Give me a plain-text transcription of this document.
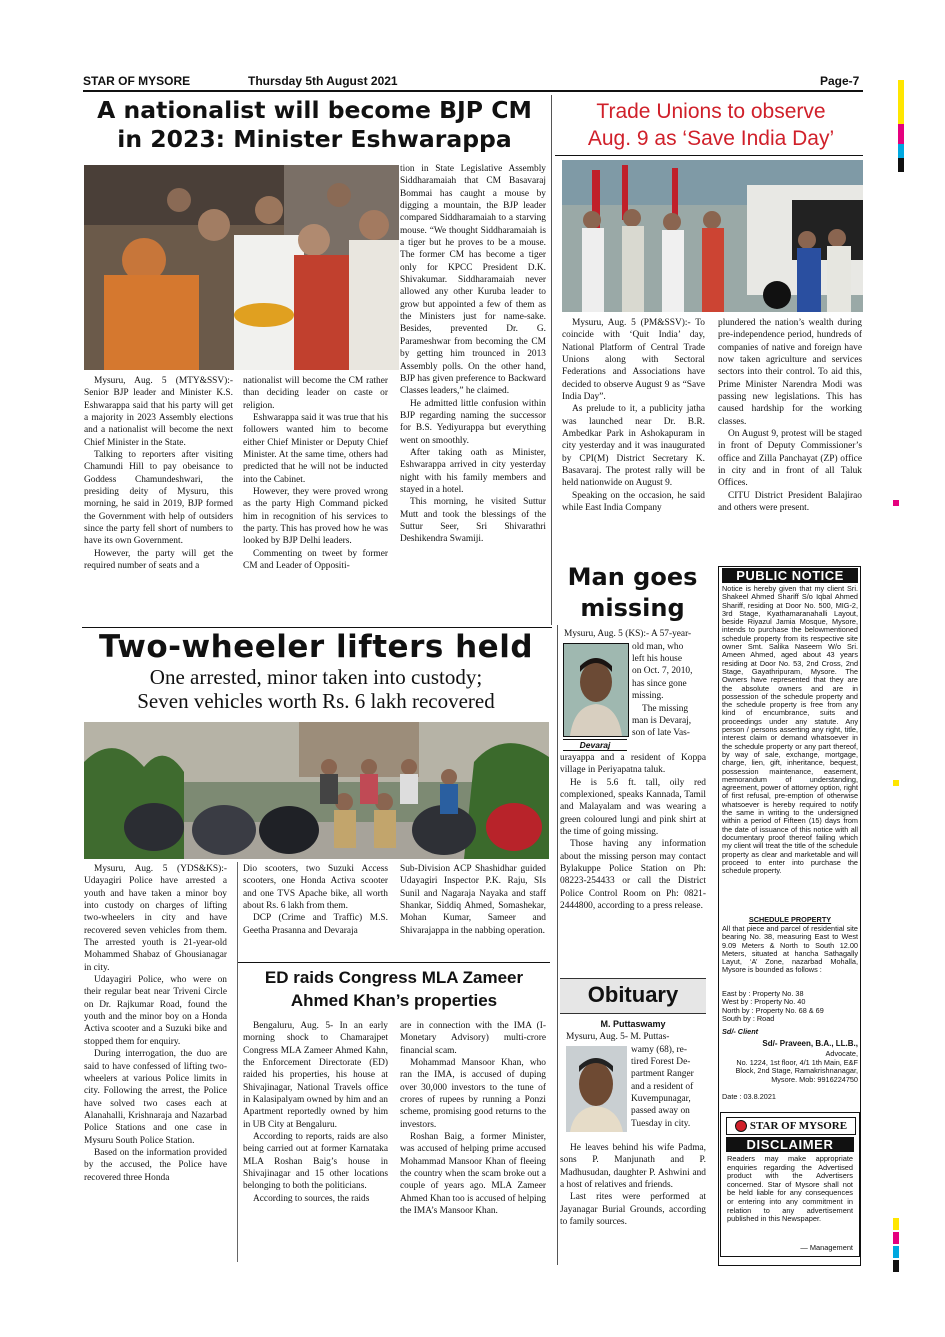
STAR OF MYSORE	Thursday 5th August 2021	Page-7
A nationalist will become BJP CM
in 2023: Minister Eshwarappa

Mysuru, Aug. 5 (MTY&SSV):- Senior BJP leader and Minister K.S. Eshwarappa said that his party will get a majority in 2023 Assembly elections and a nationalist will become the next Chief Minister in the State.

Talking to reporters after visiting Chamundi Hill to pay obeisance to Goddess Chamundeshwari, the presiding deity of Mysuru, this morning, he said in 2019, BJP formed the Government with help of outsiders since the party fell short of numbers to have its own Government.

However, the party will get the required number of seats and a

nationalist will become the CM rather than deciding leader on caste or religion.

Eshwarappa said it was true that his followers wanted him to become either Chief Minister or Deputy Chief Minister. At the same time, others had predicted that he will not be inducted into the Cabinet.

However, they were proved wrong as the party High Command picked him in recognition of his services to the party. This has proved how he was looked by BJP Delhi leaders.

Commenting on tweet by former CM and Leader of Oppositi-

tion in State Legislative Assembly Siddharamaiah that CM Basavaraj Bommai has caught a mouse by digging a mountain, the BJP leader compared Siddharamaiah to a starving mouse. “We thought Siddharamaiah is a tiger but he proves to be a mouse. The former CM has become a tiger only for KPCC President D.K. Shivakumar. Siddharamaiah never allowed any other Kuruba leader to grow but appointed a few of them as the Ministers just for name-sake. Besides, prevented Dr. G. Parameshwar from becoming the CM by getting him trounced in 2013 Assembly polls. On the other hand, BJP has given preference to Backward Classes leaders,” he claimed.

He admitted little confusion within BJP regarding naming the successor for B.S. Yediyurappa but everything went on smoothly.

After taking oath as Minister, Eshwarappa arrived in city yesterday night with his family members and stayed in a hotel.

This morning, he visited Suttur Mutt and took the blessings of the Suttur Seer, Sri Shivarathri Deshikendra Swamiji.

Trade Unions to observe
Aug. 9 as ‘Save India Day’

Mysuru, Aug. 5 (PM&SSV):- To coincide with ‘Quit India’ day, National Platform of Central Trade Unions along with Sectoral Federations and Associations have decided to observe August 9 as “Save India Day”.

As prelude to it, a publicity jatha was launched near Dr. B.R. Ambedkar Park in Ashokapuram in city yesterday and it was inaugurated by CPI(M) District Secretary K. Basavaraj. The protest rally will be held nationwide on August 9.

Speaking on the occasion, he said while East India Company

plundered the nation’s wealth during pre-independence period, hundreds of companies of native and foreign have now taken agriculture and services sectors into their control. To aid this, Prime Minister Narendra Modi was passing new legislations. This has caused hardship for the working classes.

On August 9, protest will be staged in front of Deputy Commissioner’s office and Zilla Panchayat (ZP) office in city and in front of all Taluk Offices.

CITU District President Balajirao and others were present.

Two-wheeler lifters held
One arrested, minor taken into custody;
Seven vehicles worth Rs. 6 lakh recovered

Mysuru, Aug. 5 (YDS&KS):- Udayagiri Police have arrested a youth and have taken a minor boy into custody on charges of lifting two-wheelers in city and have recovered seven vehicles from them. The arrested youth is 21-year-old Mohammed Shabaz of Ghousianagar in city.

Udayagiri Police, who were on their regular beat near Triveni Circle on Dr. Rajkumar Road, found the youth and the minor boy on a Honda Activa scooter and a Suzuki bike and stopped them for enquiry.

During interrogation, the duo are said to have confessed of lifting two-wheelers at various Police limits in city. Following the arrest, the Police have solved two cases each at Alanahalli, Krishnaraja and Nazarbad Police Stations and one case in Mysuru South Police Station.

Based on the information provided by the accused, the Police have recovered three Honda

Dio scooters, two Suzuki Access scooters, one Honda Activa scooter and one TVS Apache bike, all worth about Rs. 6 lakh from them.

DCP (Crime and Traffic) M.S. Geetha Prasanna and Devaraja

Sub-Division ACP Shashidhar guided Udayagiri Inspector P.K. Raju, SIs Sunil and Nagaraja Nayaka and staff Shankar, Siddiq Ahmed, Somashekar, Mohan Kumar, Sameer and Shivarajappa in the nabbing operation.

ED raids Congress MLA Zameer
Ahmed Khan’s properties

Bengaluru, Aug. 5- In an early morning shock to Chamarajpet Congress MLA Zameer Ahmed Kahn, the Enforcement Directorate (ED) raided his properties, his house at Shivajinagar, National Travels office in Kalasipalyam owned by him and an Apartment reportedly owned by him in UB City at Bengaluru.

According to reports, raids are also being carried out at former Karnataka MLA Roshan Baig’s house in Shivajinagar and 15 other locations belonging to both the politicians.

According to sources, the raids

are in connection with the IMA (I-Monetary Advisory) multi-crore financial scam.

Mohammad Mansoor Khan, who ran the IMA, is accused of duping over 30,000 investors to the tune of crores of rupees by running a Ponzi scheme, promising good returns to the investors.

Roshan Baig, a former Minister, was accused of helping prime accused Mohammad Mansoor Khan of fleeing the country when the scam broke out a couple of years ago. MLA Zameer Ahmed Khan too is accused of helping the IMA’s Mansoor Khan.

Man goes
missing
Devaraj
Mysuru, Aug. 5 (KS):- A 57-year-
old man, who
left his house
on Oct. 7, 2010,
has since gone
missing.
The missing
man is Devaraj,
son of late Vas-

urayappa and a resident of Koppa village in Periyapatna taluk.

He is 5.6 ft. tall, oily red complexioned, speaks Kannada, Tamil and Malayalam and was wearing a green coloured lungi and pink shirt at the time of going missing.

Those having any information about the missing person may contact Bylakuppe Police Station on Ph: 08223-254433 or call the District Police Control Room on Ph: 0821-2444800, according to a press release.

Obituary
M. Puttaswamy
Mysuru, Aug. 5- M. Puttas-
wamy (68), re-
tired Forest De-
partment Ranger
and a resident of
Kuvempunagar,
passed away on
Tuesday in city.

He leaves behind his wife Padma, sons P. Manjunath and P. Madhusudan, daughter P. Ashwini and a host of relatives and friends.

Last rites were performed at Jayanagar Burial Grounds, according to family sources.

PUBLIC NOTICE
Notice is hereby given that my client Sri. Shakeel Ahmed Shariff S/o Iqbal Ahmed Shariff, residing at Door No. 500, MIG-2, 3rd Stage, Kyathamaranahalli Layout, beside Riyazul Jamia Mosque, Mysore, intends to purchase the belowmentioned schedule property from its respective site owner Smt. Salika Naseem W/o Sri. Ameen Ahmed, aged about 43 years residing at Door No. 53, 2nd Cross, 2nd Stage, Gayathripuram, Mysore. The Owners have represented that they are the absolute owners and are in possession of the schedule property and the schedule property is free from any kind of encumbrance, suits and proceedings under any statute. Any person / persons asserting any right, title, interest claim or demand whatsoever in the schedule property or any part thereof, by way of sale, exchange, mortgage, charge, lien, gift, inheritance, bequest, possession maintenance, easement, memorandum of understanding, agreement, power of attorney option, right of first refusal, pre-emption of otherwise whatsoever is hereby required to notify the same in writing to the undersigned within a period of Fifteen (15) days from the date of issuance of this notice with all documentary proof thereof failing which my client will treat the title of the schedule property as clear and marketable and will proceed to enter into purchase the schedule property.
SCHEDULE PROPERTY
All that piece and parcel of residential site bearing No. 38, measuring East to West 9.09 Meters & North to South 12.00 Meters, situated at hancha Sathagally Layut, ‘A’ Zone, nazarbad Mohalla, Mysore is bounded as follows :
East by : Property No. 38
West by : Property No. 40
North by : Property No. 68 & 69
South by : Road
Sd/- Client
Sd/- Praveen, B.A., LL.B.,
Advocate,
No. 1224, 1st floor, 4/1 1th Main, E&F Block, 2nd Stage, Ramakrishnanagar, Mysore. Mob: 9916224750
Date : 03.8.2021
STAR OF MYSORE
DISCLAIMER
Readers may make appropriate enquiries regarding the Advertised product with the Advertisers concerned. Star of Mysore shall not be held liable for any consequences or entering into any commitment in relation to any advertisement published in this Newspaper.
— Management
